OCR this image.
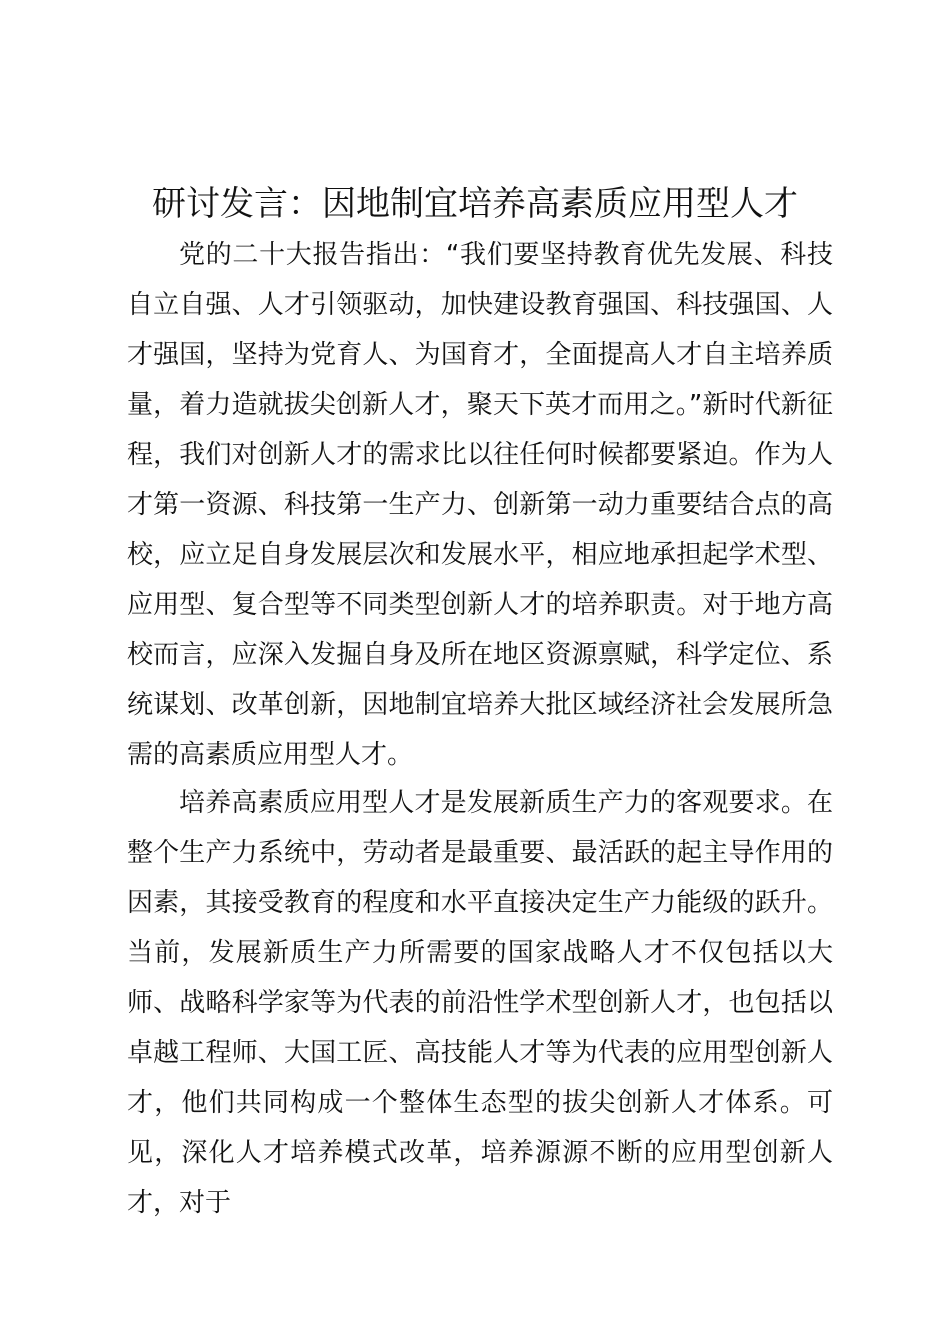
研讨发言：因地制宜培养高素质应用型人才

党的二十大报告指出：“我们要坚持教育优先发展、科技自立自强、人才引领驱动，加快建设教育强国、科技强国、人才强国，坚持为党育人、为国育才，全面提高人才自主培养质量，着力造就拔尖创新人才，聚天下英才而用之。”新时代新征程，我们对创新人才的需求比以往任何时候都要紧迫。作为人才第一资源、科技第一生产力、创新第一动力重要结合点的高校，应立足自身发展层次和发展水平，相应地承担起学术型、应用型、复合型等不同类型创新人才的培养职责。对于地方高校而言，应深入发掘自身及所在地区资源禀赋，科学定位、系统谋划、改革创新，因地制宜培养大批区域经济社会发展所急需的高素质应用型人才。

培养高素质应用型人才是发展新质生产力的客观要求。在整个生产力系统中，劳动者是最重要、最活跃的起主导作用的因素，其接受教育的程度和水平直接决定生产力能级的跃升。当前，发展新质生产力所需要的国家战略人才不仅包括以大师、战略科学家等为代表的前沿性学术型创新人才，也包括以卓越工程师、大国工匠、高技能人才等为代表的应用型创新人才，他们共同构成一个整体生态型的拔尖创新人才体系。可见，深化人才培养模式改革，培养源源不断的应用型创新人才，对于
